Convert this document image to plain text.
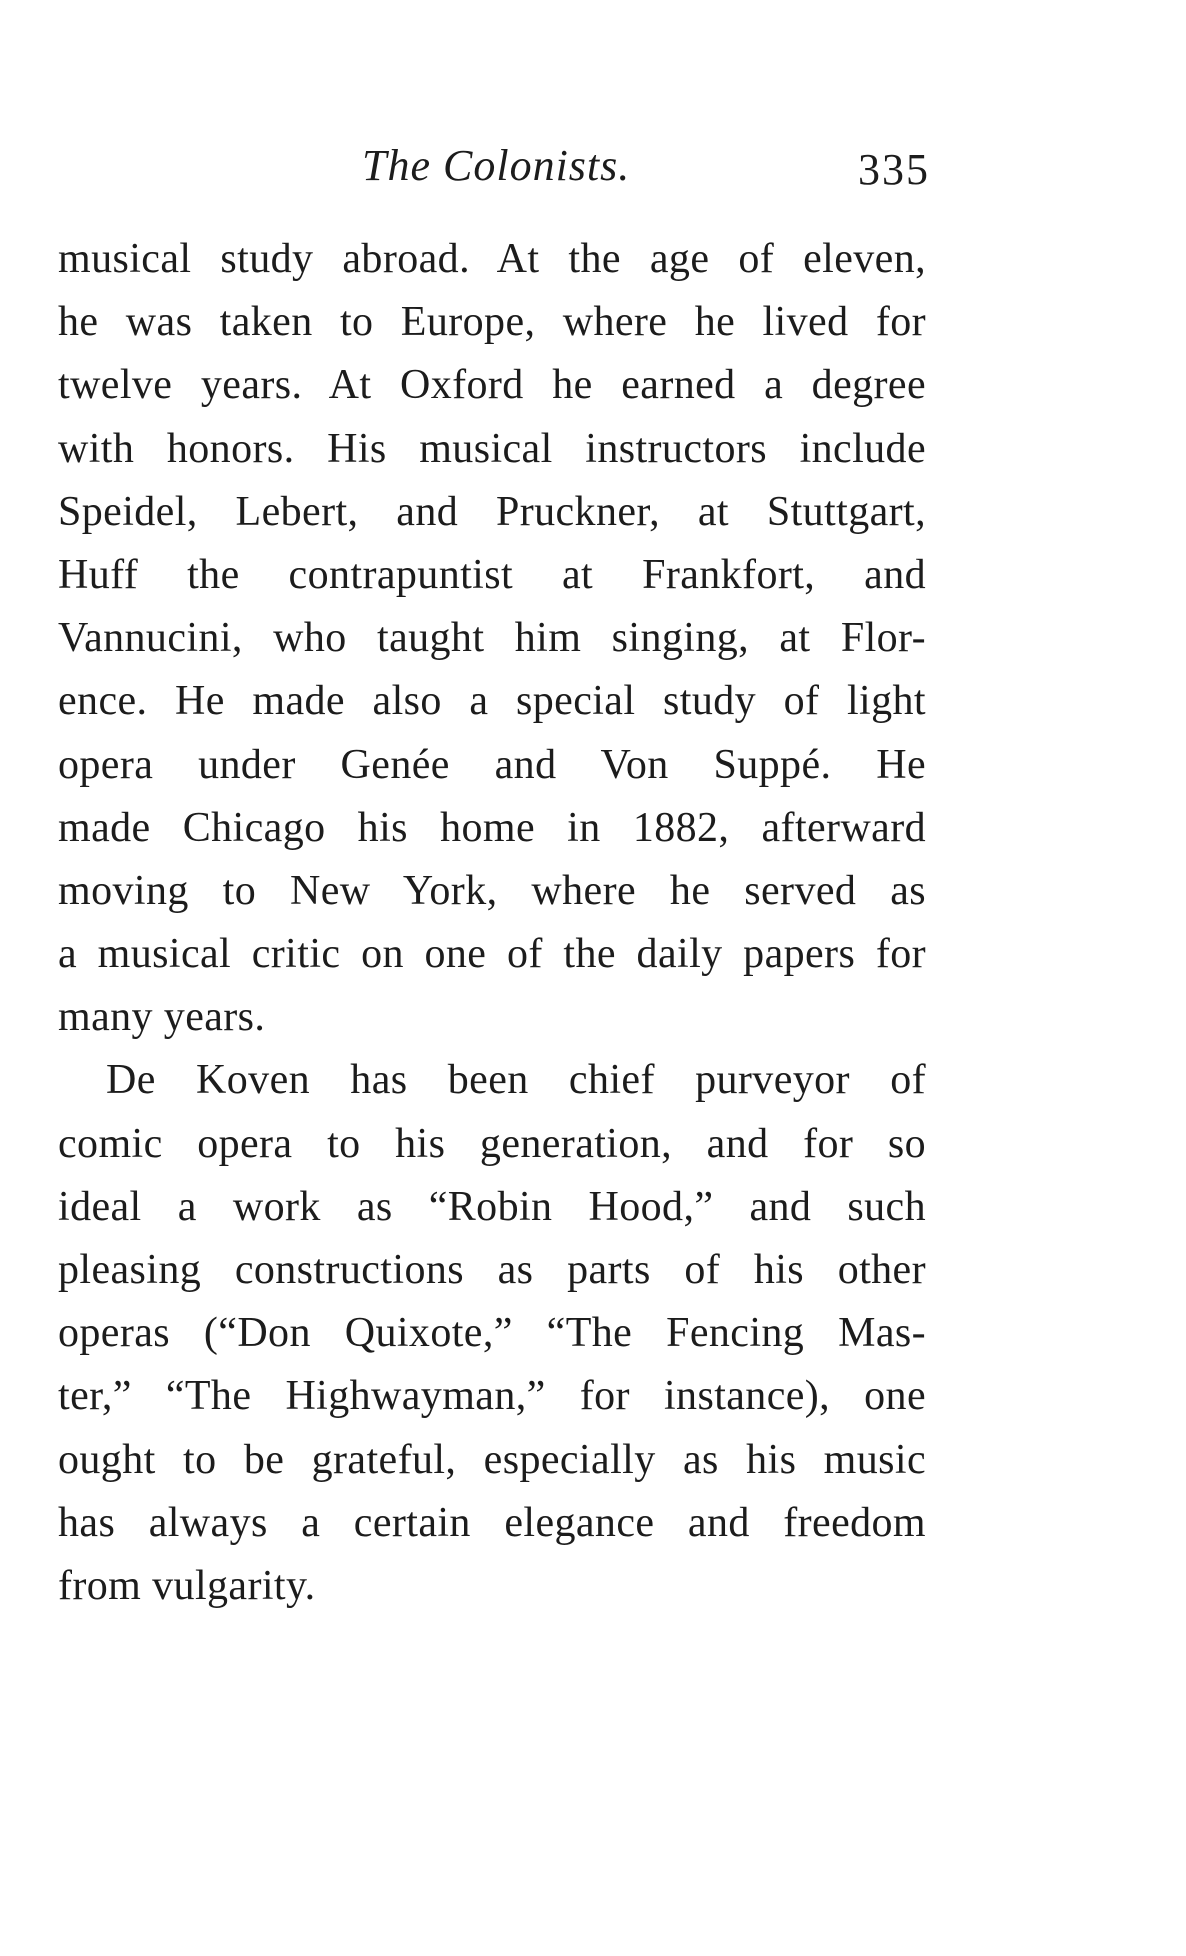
The Colonists.	335
musical study abroad. At the age of eleven,
he was taken to Europe, where he lived for
twelve years. At Oxford he earned a degree
with honors. His musical instructors include
Speidel, Lebert, and Pruckner, at Stuttgart,
Huff the contrapuntist at Frankfort, and
Vannucini, who taught him singing, at Flor-
ence. He made also a special study of light
opera under Genée and Von Suppé. He
made Chicago his home in 1882, afterward
moving to New York, where he served as
a musical critic on one of the daily papers for
many years.
De Koven has been chief purveyor of
comic opera to his generation, and for so
ideal a work as “Robin Hood,” and such
pleasing constructions as parts of his other
operas (“Don Quixote,” “The Fencing Mas-
ter,” “The Highwayman,” for instance), one
ought to be grateful, especially as his music
has always a certain elegance and freedom
from vulgarity.
